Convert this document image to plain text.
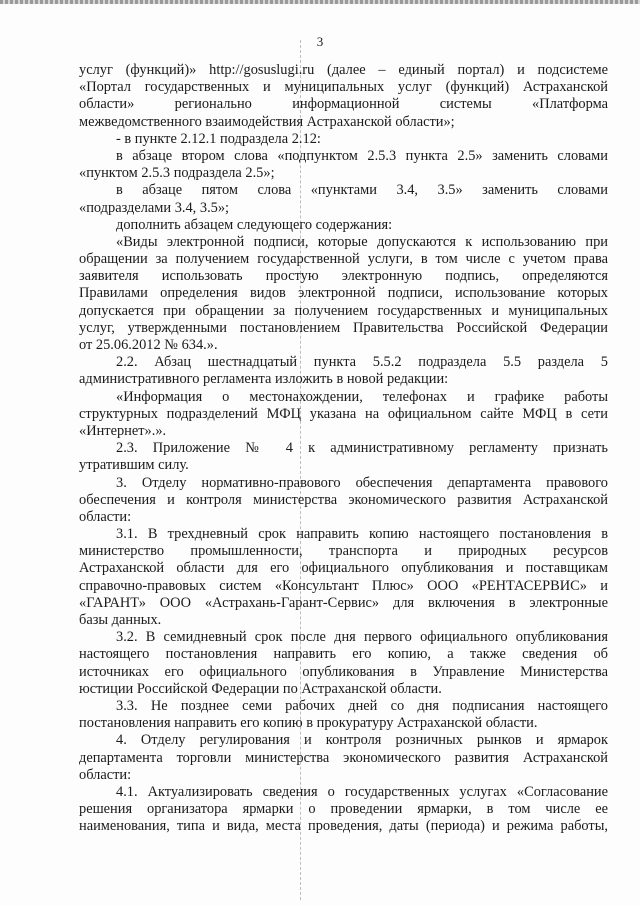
3
услуг (функций)» http://gosuslugi.ru (далее – единый портал) и подсистеме
«Портал государственных и муниципальных услуг (функций) Астраханской
области» регионально информационной системы «Платформа
межведомственного взаимодействия Астраханской области»;
- в пункте 2.12.1 подраздела 2.12:
в абзаце втором слова «подпунктом 2.5.3 пункта 2.5» заменить словами
«пунктом 2.5.3 подраздела 2.5»;
в абзаце пятом слова «пунктами 3.4, 3.5» заменить словами
«подразделами 3.4, 3.5»;
дополнить абзацем следующего содержания:
«Виды электронной подписи, которые допускаются к использованию при
обращении за получением государственной услуги, в том числе с учетом права
заявителя использовать простую электронную подпись, определяются
Правилами определения видов электронной подписи, использование которых
допускается при обращении за получением государственных и муниципальных
услуг, утвержденными постановлением Правительства Российской Федерации
от 25.06.2012 № 634.».
2.2. Абзац шестнадцатый пункта 5.5.2 подраздела 5.5 раздела 5
административного регламента изложить в новой редакции:
«Информация о местонахождении, телефонах и графике работы
структурных подразделений МФЦ указана на официальном сайте МФЦ в сети
«Интернет».».
2.3. Приложение № 4 к административному регламенту признать
утратившим силу.
3. Отделу нормативно-правового обеспечения департамента правового
обеспечения и контроля министерства экономического развития Астраханской
области:
3.1. В трехдневный срок направить копию настоящего постановления в
министерство промышленности, транспорта и природных ресурсов
Астраханской области для его официального опубликования и поставщикам
справочно-правовых систем «Консультант Плюс» ООО «РЕНТАСЕРВИС» и
«ГАРАНТ» ООО «Астрахань-Гарант-Сервис» для включения в электронные
базы данных.
3.2. В семидневный срок после дня первого официального опубликования
настоящего постановления направить его копию, а также сведения об
источниках его официального опубликования в Управление Министерства
юстиции Российской Федерации по Астраханской области.
3.3. Не позднее семи рабочих дней со дня подписания настоящего
постановления направить его копию в прокуратуру Астраханской области.
4. Отделу регулирования и контроля розничных рынков и ярмарок
департамента торговли министерства экономического развития Астраханской
области:
4.1. Актуализировать сведения о государственных услугах «Согласование
решения организатора ярмарки о проведении ярмарки, в том числе ее
наименования, типа и вида, места проведения, даты (периода) и режима работы,
